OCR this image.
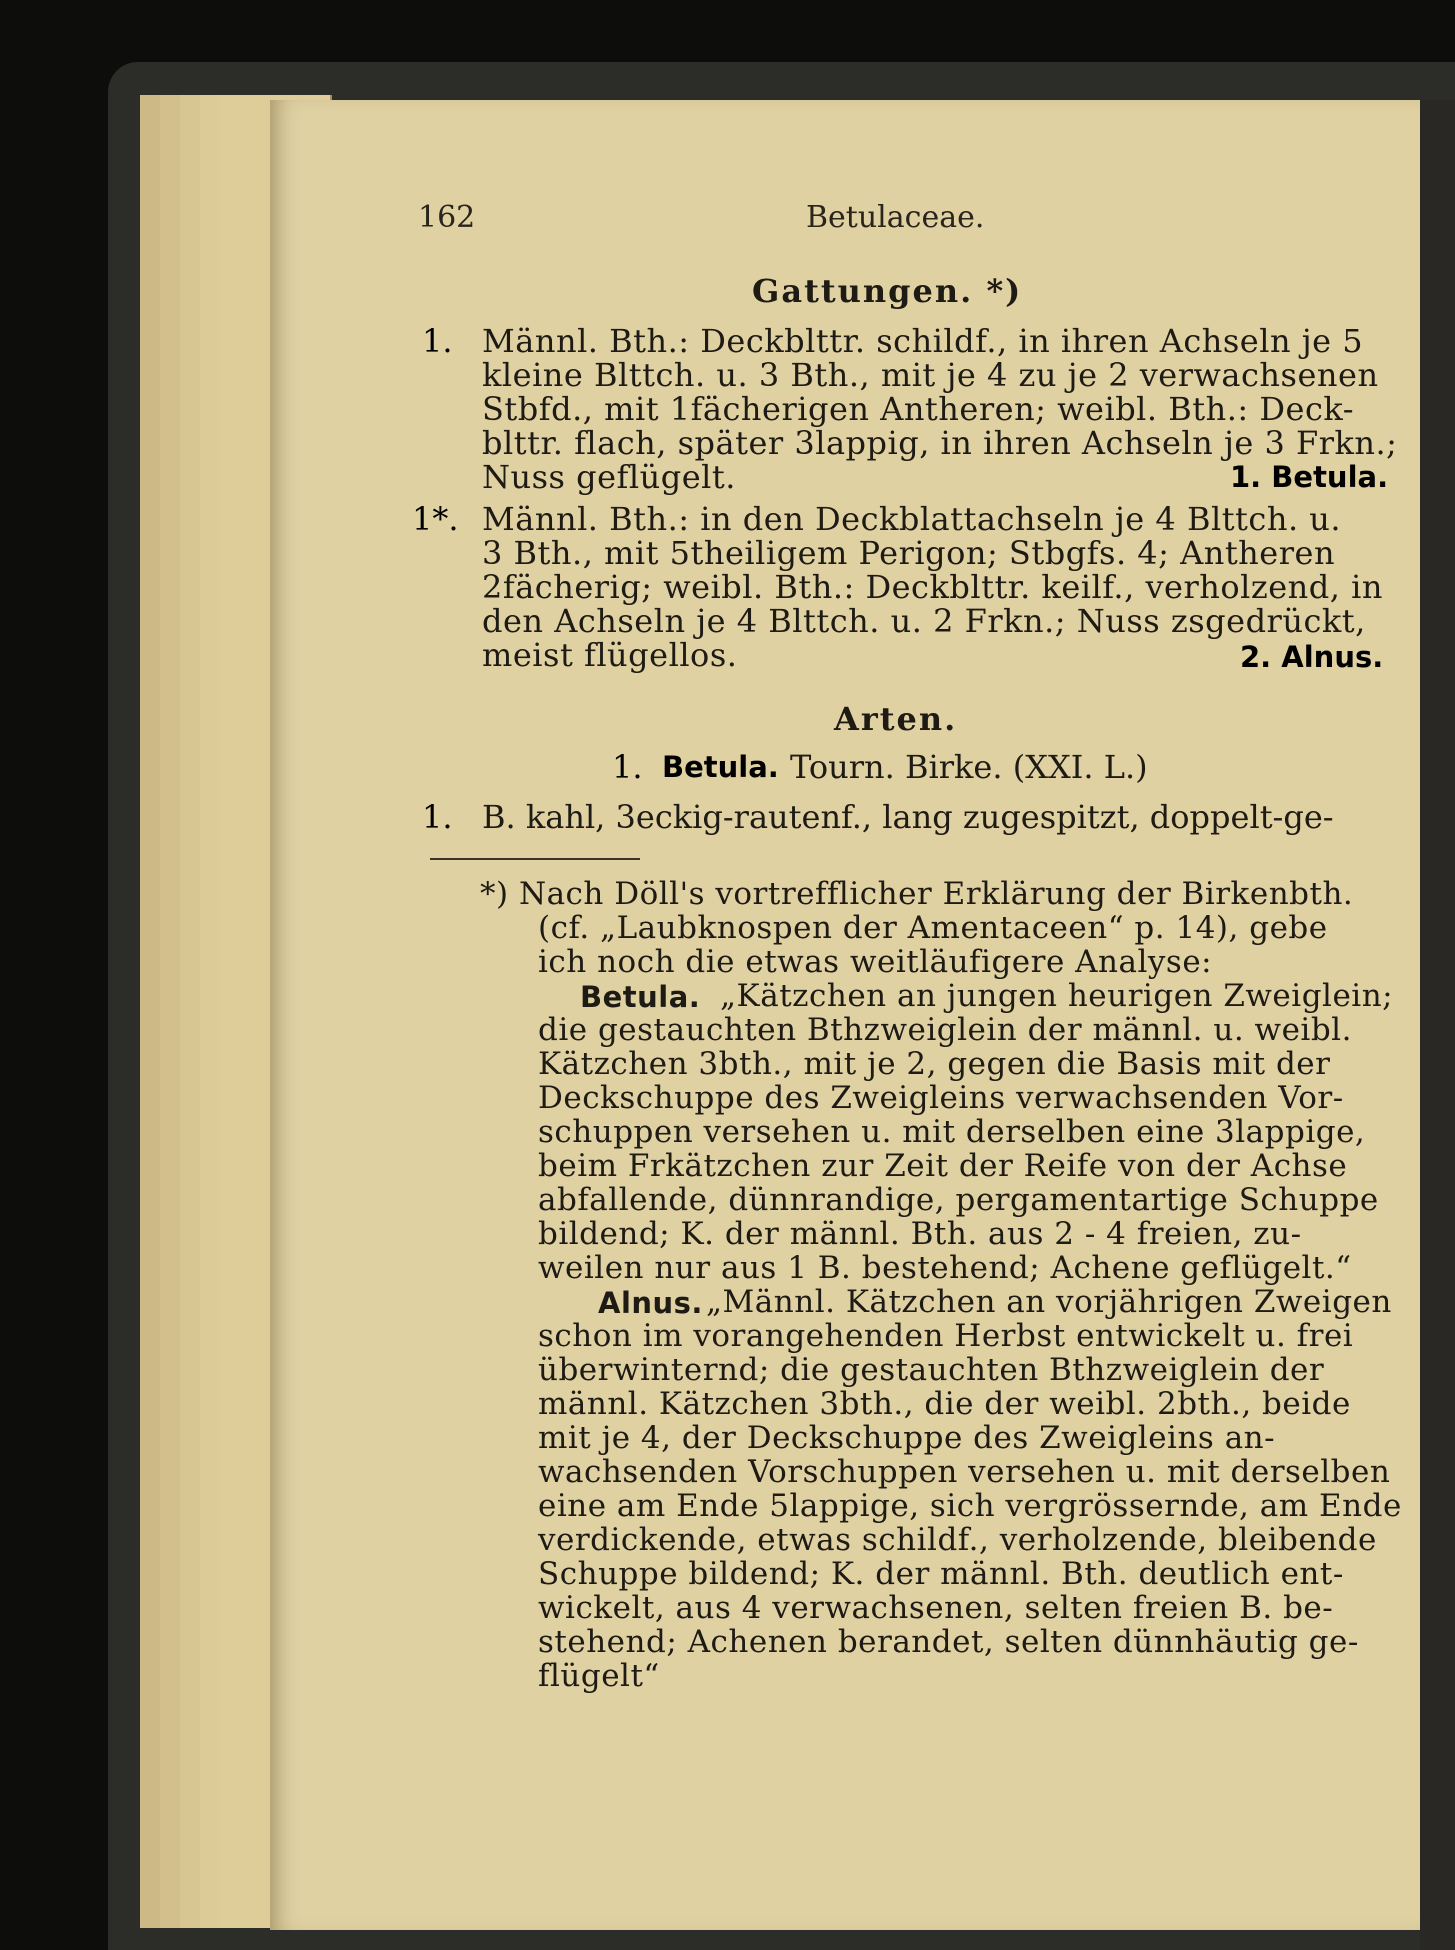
162	Betulaceae.
Gattungen. *)
1. Männl. Bth.: Deckblttr. schildf., in ihren Achseln je 5
kleine Blttch. u. 3 Bth., mit je 4 zu je 2 verwachsenen
Stbfd., mit 1fächerigen Antheren; weibl. Bth.: Deck-
blttr. flach, später 3lappig, in ihren Achseln je 3 Frkn.;
Nuss geflügelt.	1. Betula.
1*. Männl. Bth.: in den Deckblattachseln je 4 Blttch. u.
3 Bth., mit 5theiligem Perigon; Stbgfs. 4; Antheren
2fächerig; weibl. Bth.: Deckblttr. keilf., verholzend, in
den Achseln je 4 Blttch. u. 2 Frkn.; Nuss zsgedrückt,
meist flügellos.	2. Alnus.
Arten.
1. Betula. Tourn. Birke. (XXI. L.)
1. B. kahl, 3eckig-rautenf., lang zugespitzt, doppelt-ge-
*) Nach Döll's vortrefflicher Erklärung der Birkenbth.
(cf. „Laubknospen der Amentaceen“ p. 14), gebe
ich noch die etwas weitläufigere Analyse:
Betula. „Kätzchen an jungen heurigen Zweiglein;
die gestauchten Bthzweiglein der männl. u. weibl.
Kätzchen 3bth., mit je 2, gegen die Basis mit der
Deckschuppe des Zweigleins verwachsenden Vor-
schuppen versehen u. mit derselben eine 3lappige,
beim Frkätzchen zur Zeit der Reife von der Achse
abfallende, dünnrandige, pergamentartige Schuppe
bildend; K. der männl. Bth. aus 2 - 4 freien, zu-
weilen nur aus 1 B. bestehend; Achene geflügelt.“
Alnus. „Männl. Kätzchen an vorjährigen Zweigen
schon im vorangehenden Herbst entwickelt u. frei
überwinternd; die gestauchten Bthzweiglein der
männl. Kätzchen 3bth., die der weibl. 2bth., beide
mit je 4, der Deckschuppe des Zweigleins an-
wachsenden Vorschuppen versehen u. mit derselben
eine am Ende 5lappige, sich vergrössernde, am Ende
verdickende, etwas schildf., verholzende, bleibende
Schuppe bildend; K. der männl. Bth. deutlich ent-
wickelt, aus 4 verwachsenen, selten freien B. be-
stehend; Achenen berandet, selten dünnhäutig ge-
flügelt“
